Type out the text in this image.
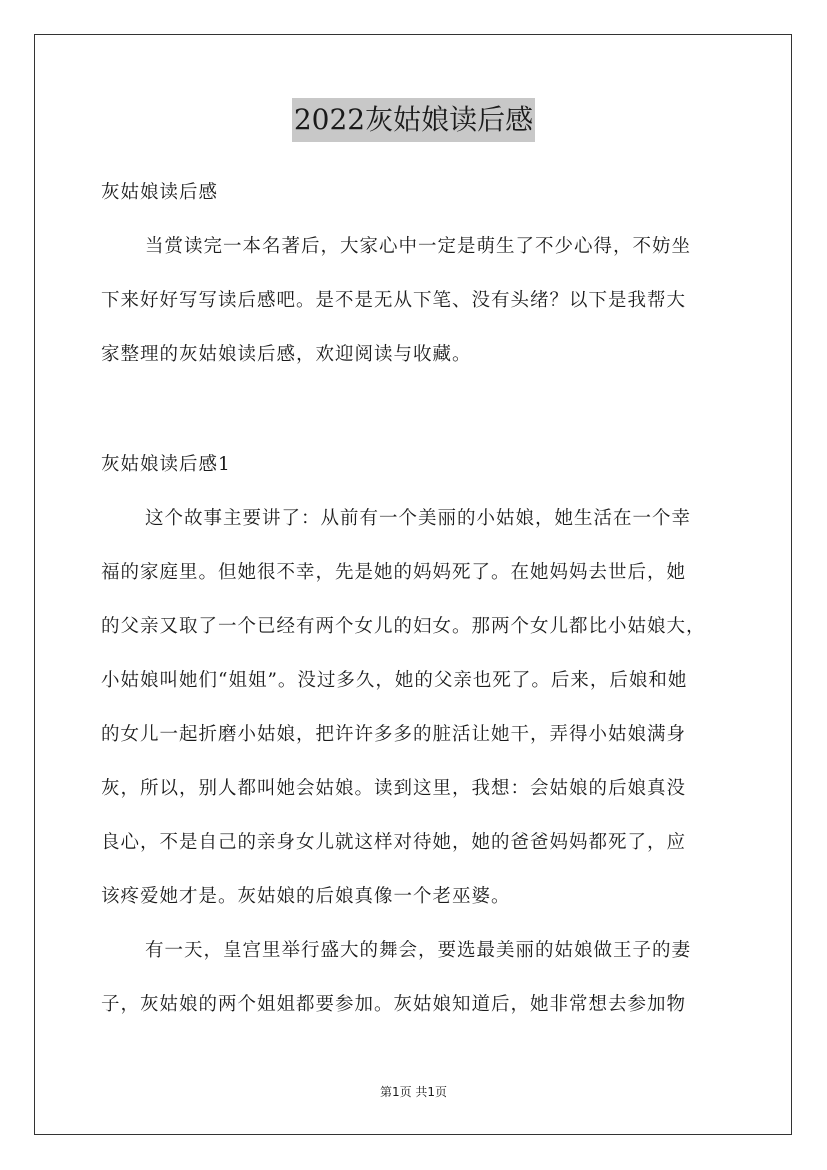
2022灰姑娘读后感
灰姑娘读后感
当赏读完一本名著后，大家心中一定是萌生了不少心得，不妨坐
下来好好写写读后感吧。是不是无从下笔、没有头绪？以下是我帮大
家整理的灰姑娘读后感，欢迎阅读与收藏。
灰姑娘读后感1
这个故事主要讲了：从前有一个美丽的小姑娘，她生活在一个幸
福的家庭里。但她很不幸，先是她的妈妈死了。在她妈妈去世后，她
的父亲又取了一个已经有两个女儿的妇女。那两个女儿都比小姑娘大，
小姑娘叫她们“姐姐”。没过多久，她的父亲也死了。后来，后娘和她
的女儿一起折磨小姑娘，把许许多多的脏活让她干，弄得小姑娘满身
灰，所以，别人都叫她会姑娘。读到这里，我想：会姑娘的后娘真没
良心，不是自己的亲身女儿就这样对待她，她的爸爸妈妈都死了，应
该疼爱她才是。灰姑娘的后娘真像一个老巫婆。
有一天，皇宫里举行盛大的舞会，要选最美丽的姑娘做王子的妻
子，灰姑娘的两个姐姐都要参加。灰姑娘知道后，她非常想去参加物
第1页 共1页
